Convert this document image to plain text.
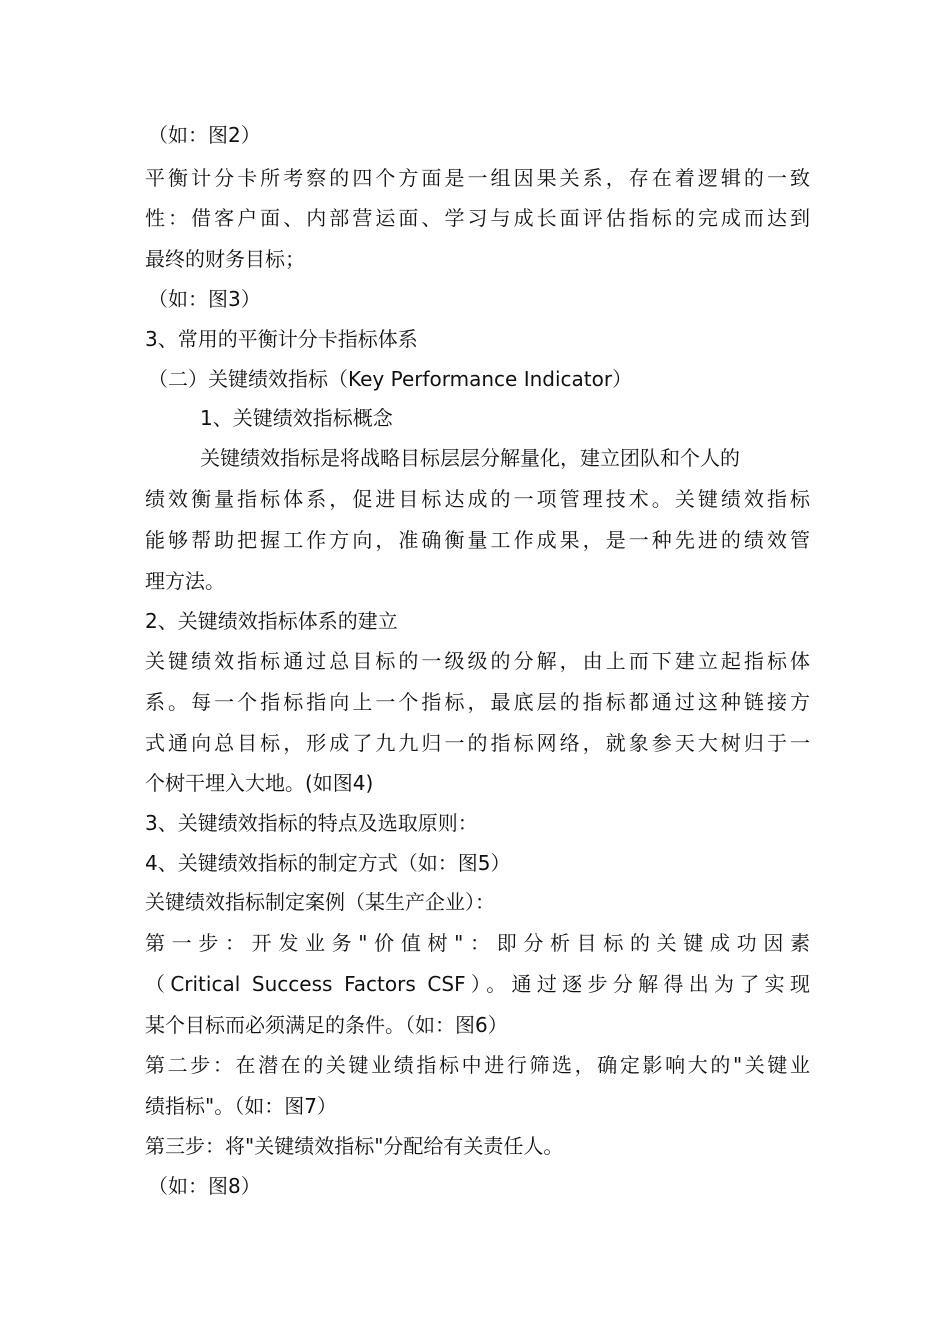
（如：图2）
平衡计分卡所考察的四个方面是一组因果关系，存在着逻辑的一致
性：借客户面、内部营运面、学习与成长面评估指标的完成而达到
最终的财务目标；
（如：图3）
3、常用的平衡计分卡指标体系
（二）关键绩效指标（Key Performance Indicator）
1、关键绩效指标概念
关键绩效指标是将战略目标层层分解量化，建立团队和个人的
绩效衡量指标体系，促进目标达成的一项管理技术。关键绩效指标
能够帮助把握工作方向，准确衡量工作成果，是一种先进的绩效管
理方法。
2、关键绩效指标体系的建立
关键绩效指标通过总目标的一级级的分解，由上而下建立起指标体
系。每一个指标指向上一个指标，最底层的指标都通过这种链接方
式通向总目标，形成了九九归一的指标网络，就象参天大树归于一
个树干埋入大地。(如图4)
3、关键绩效指标的特点及选取原则：
4、关键绩效指标的制定方式（如：图5）
关键绩效指标制定案例（某生产企业）：
第一步：开发业务"价值树"：即分析目标的关键成功因素
（Critical Success Factors CSF）。通过逐步分解得出为了实现
某个目标而必须满足的条件。（如：图6）
第二步：在潜在的关键业绩指标中进行筛选，确定影响大的"关键业
绩指标"。（如：图7）
第三步：将"关键绩效指标"分配给有关责任人。
（如：图8）
